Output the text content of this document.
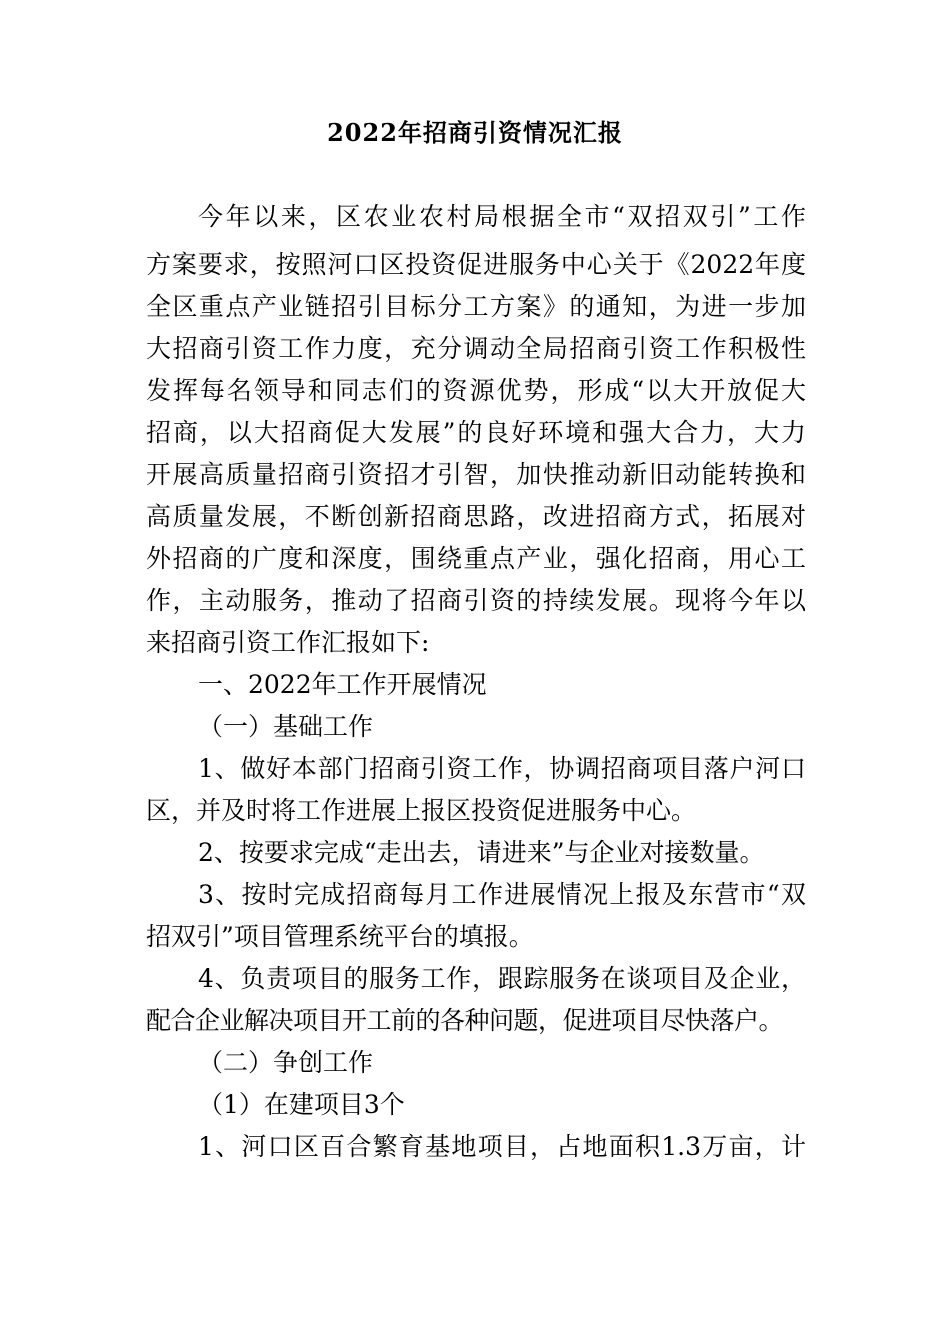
2022年招商引资情况汇报
今年以来，区农业农村局根据全市“双招双引”工作
方案要求，按照河口区投资促进服务中心关于《2022年度
全区重点产业链招引目标分工方案》的通知，为进一步加
大招商引资工作力度，充分调动全局招商引资工作积极性
发挥每名领导和同志们的资源优势，形成“以大开放促大
招商，以大招商促大发展”的良好环境和强大合力，大力
开展高质量招商引资招才引智，加快推动新旧动能转换和
高质量发展，不断创新招商思路，改进招商方式，拓展对
外招商的广度和深度，围绕重点产业，强化招商，用心工
作，主动服务，推动了招商引资的持续发展。现将今年以
来招商引资工作汇报如下:
一、2022年工作开展情况
（一）基础工作
1、做好本部门招商引资工作，协调招商项目落户河口
区，并及时将工作进展上报区投资促进服务中心。
2、按要求完成“走出去，请进来”与企业对接数量。
3、按时完成招商每月工作进展情况上报及东营市“双
招双引”项目管理系统平台的填报。
4、负责项目的服务工作，跟踪服务在谈项目及企业，
配合企业解决项目开工前的各种问题，促进项目尽快落户。
（二）争创工作
（1）在建项目3个
1、河口区百合繁育基地项目，占地面积1.3万亩，计
